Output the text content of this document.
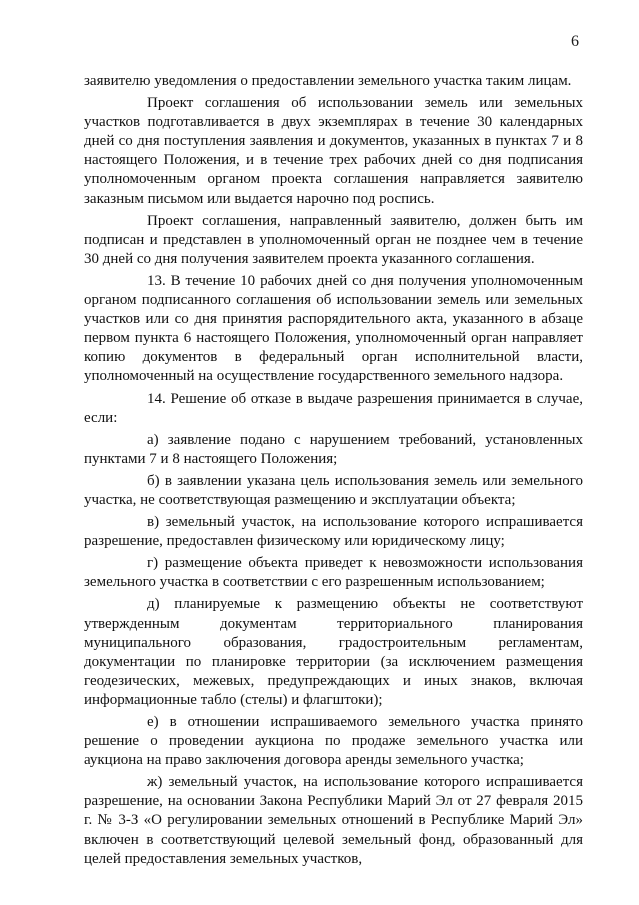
6

заявителю уведомления о предоставлении земельного участка таким лицам.

Проект соглашения об использовании земель или земельных участков подготавливается в двух экземплярах в течение 30 календарных дней со дня поступления заявления и документов, указанных в пунктах 7 и 8 настоящего Положения, и в течение трех рабочих дней со дня подписания уполномоченным органом проекта соглашения направляется заявителю заказным письмом или выдается нарочно под роспись.

Проект соглашения, направленный заявителю, должен быть им подписан и представлен в уполномоченный орган не позднее чем в течение 30 дней со дня получения заявителем проекта указанного соглашения.

13. В течение 10 рабочих дней со дня получения уполномоченным органом подписанного соглашения об использовании земель или земельных участков или со дня принятия распорядительного акта, указанного в абзаце первом пункта 6 настоящего Положения, уполномоченный орган направляет копию документов в федеральный орган исполнительной власти, уполномоченный на осуществление государственного земельного надзора.

14. Решение об отказе в выдаче разрешения принимается в случае, если:

а) заявление подано с нарушением требований, установленных пунктами 7 и 8 настоящего Положения;

б) в заявлении указана цель использования земель или земельного участка, не соответствующая размещению и эксплуатации объекта;

в) земельный участок, на использование которого испрашивается разрешение, предоставлен физическому или юридическому лицу;

г) размещение объекта приведет к невозможности использования земельного участка в соответствии с его разрешенным использованием;

д) планируемые к размещению объекты не соответствуют утвержденным документам территориального планирования муниципального образования, градостроительным регламентам, документации по планировке территории (за исключением размещения геодезических, межевых, предупреждающих и иных знаков, включая информационные табло (стелы) и флагштоки);

е) в отношении испрашиваемого земельного участка принято решение о проведении аукциона по продаже земельного участка или аукциона на право заключения договора аренды земельного участка;

ж) земельный участок, на использование которого испрашивается разрешение, на основании Закона Республики Марий Эл от 27 февраля 2015 г. № 3-З «О регулировании земельных отношений в Республике Марий Эл» включен в соответствующий целевой земельный фонд, образованный для целей предоставления земельных участков,
